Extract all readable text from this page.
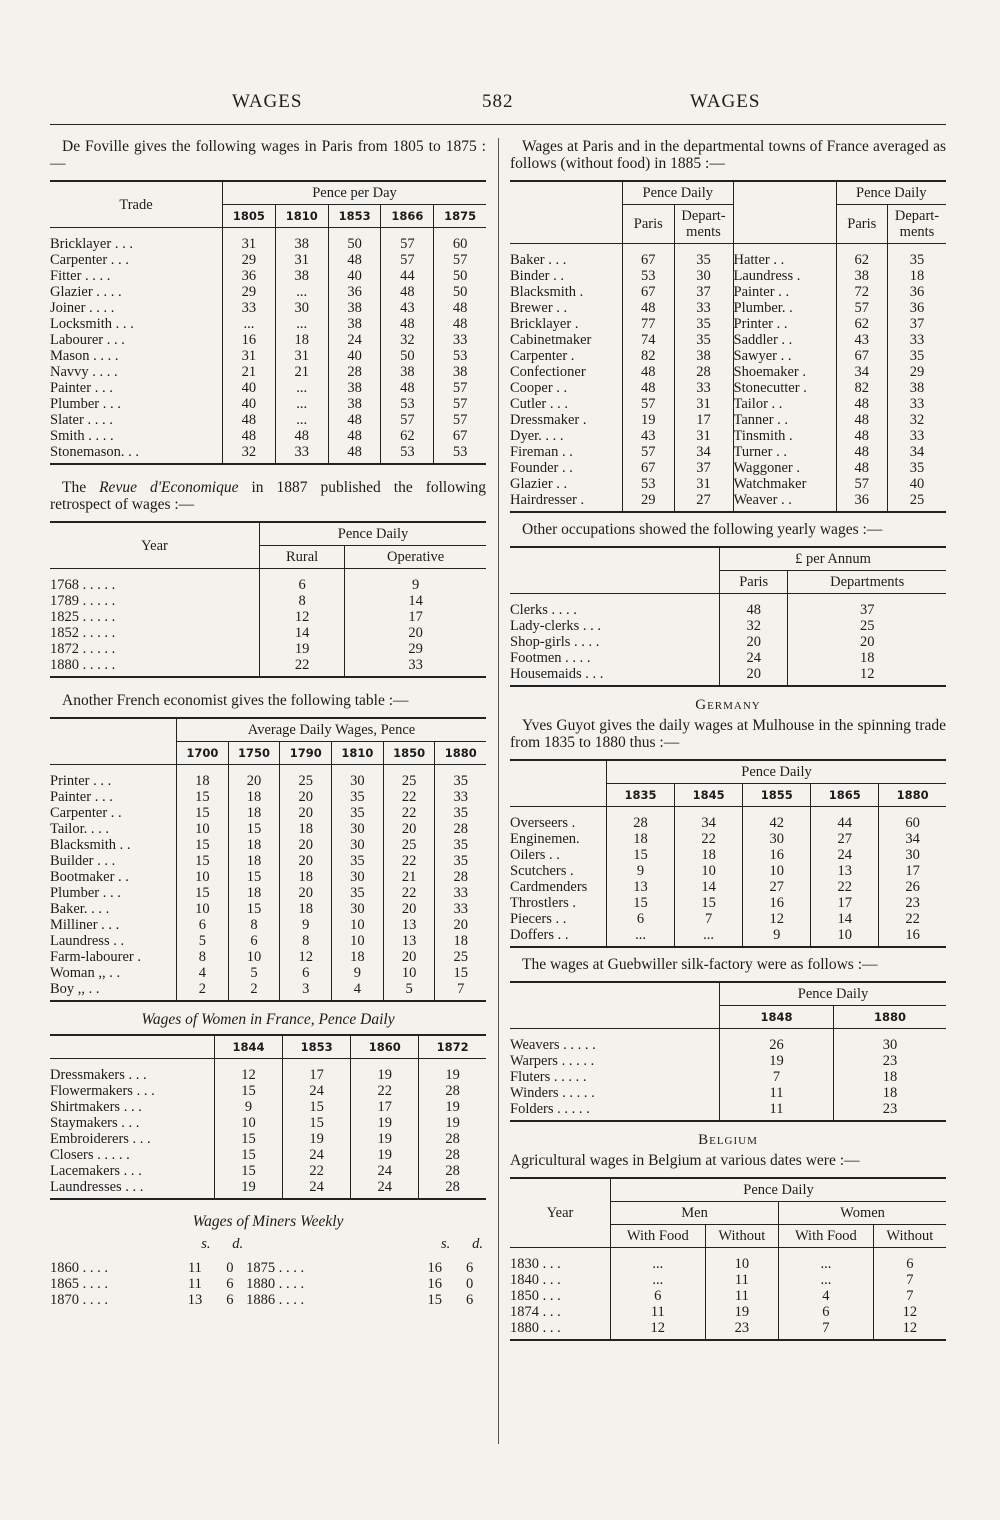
WAGES	582	WAGES

De Foville gives the following wages in Paris from 1805 to 1875 :—

Trade	Pence per Day				
	1805	1810	1853	1866	1875
Bricklayer . . .	31	38	50	57	60
Carpenter . . .	29	31	48	57	57
Fitter . . . .	36	38	40	44	50
Glazier . . . .	29	...	36	48	50
Joiner . . . .	33	30	38	43	48
Locksmith . . .	...	...	38	48	48
Labourer . . .	16	18	24	32	33
Mason . . . .	31	31	40	50	53
Navvy . . . .	21	21	28	38	38
Painter . . .	40	...	38	48	57
Plumber . . .	40	...	38	53	57
Slater . . . .	48	...	48	57	57
Smith . . . .	48	48	48	62	67
Stonemason. . .	32	33	48	53	53

The Revue d'Economique in 1887 published the following retrospect of wages :—

Year	Pence Daily	
	Rural	Operative
1768 . . . . .	6	9
1789 . . . . .	8	14
1825 . . . . .	12	17
1852 . . . . .	14	20
1872 . . . . .	19	29
1880 . . . . .	22	33

Another French economist gives the following table :—

	Average Daily Wages, Pence					
	1700	1750	1790	1810	1850	1880
Printer . . .	18	20	25	30	25	35
Painter . . .	15	18	20	35	22	33
Carpenter . .	15	18	20	35	22	35
Tailor. . . .	10	15	18	30	20	28
Blacksmith . .	15	18	20	30	25	35
Builder . . .	15	18	20	35	22	35
Bootmaker . .	10	15	18	30	21	28
Plumber . . .	15	18	20	35	22	33
Baker. . . .	10	15	18	30	20	33
Milliner . . .	6	8	9	10	13	20
Laundress . .	5	6	8	10	13	18
Farm-labourer .	8	10	12	18	20	25
Woman ,, . .	4	5	6	9	10	15
Boy ,, . .	2	2	3	4	5	7

Wages of Women in France, Pence Daily

	1844	1853	1860	1872
Dressmakers . . .	12	17	19	19
Flowermakers . . .	15	24	22	28
Shirtmakers . . .	9	15	17	19
Staymakers . . .	10	15	19	19
Embroiderers . . .	15	19	19	28
Closers . . . . .	15	24	19	28
Lacemakers . . .	15	22	24	28
Laundresses . . .	19	24	24	28

Wages of Miners Weekly

	s.	d.		s.	d.
1860 . . . .	11	0	1875 . . . .	16	6
1865 . . . .	11	6	1880 . . . .	16	0
1870 . . . .	13	6	1886 . . . .	15	6

Wages at Paris and in the departmental towns of France averaged as follows (without food) in 1885 :—

	Pence Daily			Pence Daily	
	Paris	Depart-ments		Paris	Depart-ments
Baker . . .	67	35	Hatter . .	62	35
Binder . .	53	30	Laundress .	38	18
Blacksmith .	67	37	Painter . .	72	36
Brewer . .	48	33	Plumber. .	57	36
Bricklayer .	77	35	Printer . .	62	37
Cabinetmaker	74	35	Saddler . .	43	33
Carpenter .	82	38	Sawyer . .	67	35
Confectioner	48	28	Shoemaker .	34	29
Cooper . .	48	33	Stonecutter .	82	38
Cutler . . .	57	31	Tailor . .	48	33
Dressmaker .	19	17	Tanner . .	48	32
Dyer. . . .	43	31	Tinsmith .	48	33
Fireman . .	57	34	Turner . .	48	34
Founder . .	67	37	Waggoner .	48	35
Glazier . .	53	31	Watchmaker	57	40
Hairdresser .	29	27	Weaver . .	36	25

Other occupations showed the following yearly wages :—

	£ per Annum	
	Paris	Departments
Clerks . . . .	48	37
Lady-clerks . . .	32	25
Shop-girls . . . .	20	20
Footmen . . . .	24	18
Housemaids . . .	20	12

Germany

Yves Guyot gives the daily wages at Mulhouse in the spinning trade from 1835 to 1880 thus :—

	Pence Daily				
	1835	1845	1855	1865	1880
Overseers .	28	34	42	44	60
Enginemen.	18	22	30	27	34
Oilers . .	15	18	16	24	30
Scutchers .	9	10	10	13	17
Cardmenders	13	14	27	22	26
Throstlers .	15	15	16	17	23
Piecers . .	6	7	12	14	22
Doffers . .	...	...	9	10	16

The wages at Guebwiller silk-factory were as follows :—

	Pence Daily	
	1848	1880
Weavers . . . . .	26	30
Warpers . . . . .	19	23
Fluters . . . . .	7	18
Winders . . . . .	11	18
Folders . . . . .	11	23

Belgium

Agricultural wages in Belgium at various dates were :—

Year	Pence Daily			
	Men		Women	
	With Food	Without	With Food	Without
1830 . . .	...	10	...	6
1840 . . .	...	11	...	7
1850 . . .	6	11	4	7
1874 . . .	11	19	6	12
1880 . . .	12	23	7	12
